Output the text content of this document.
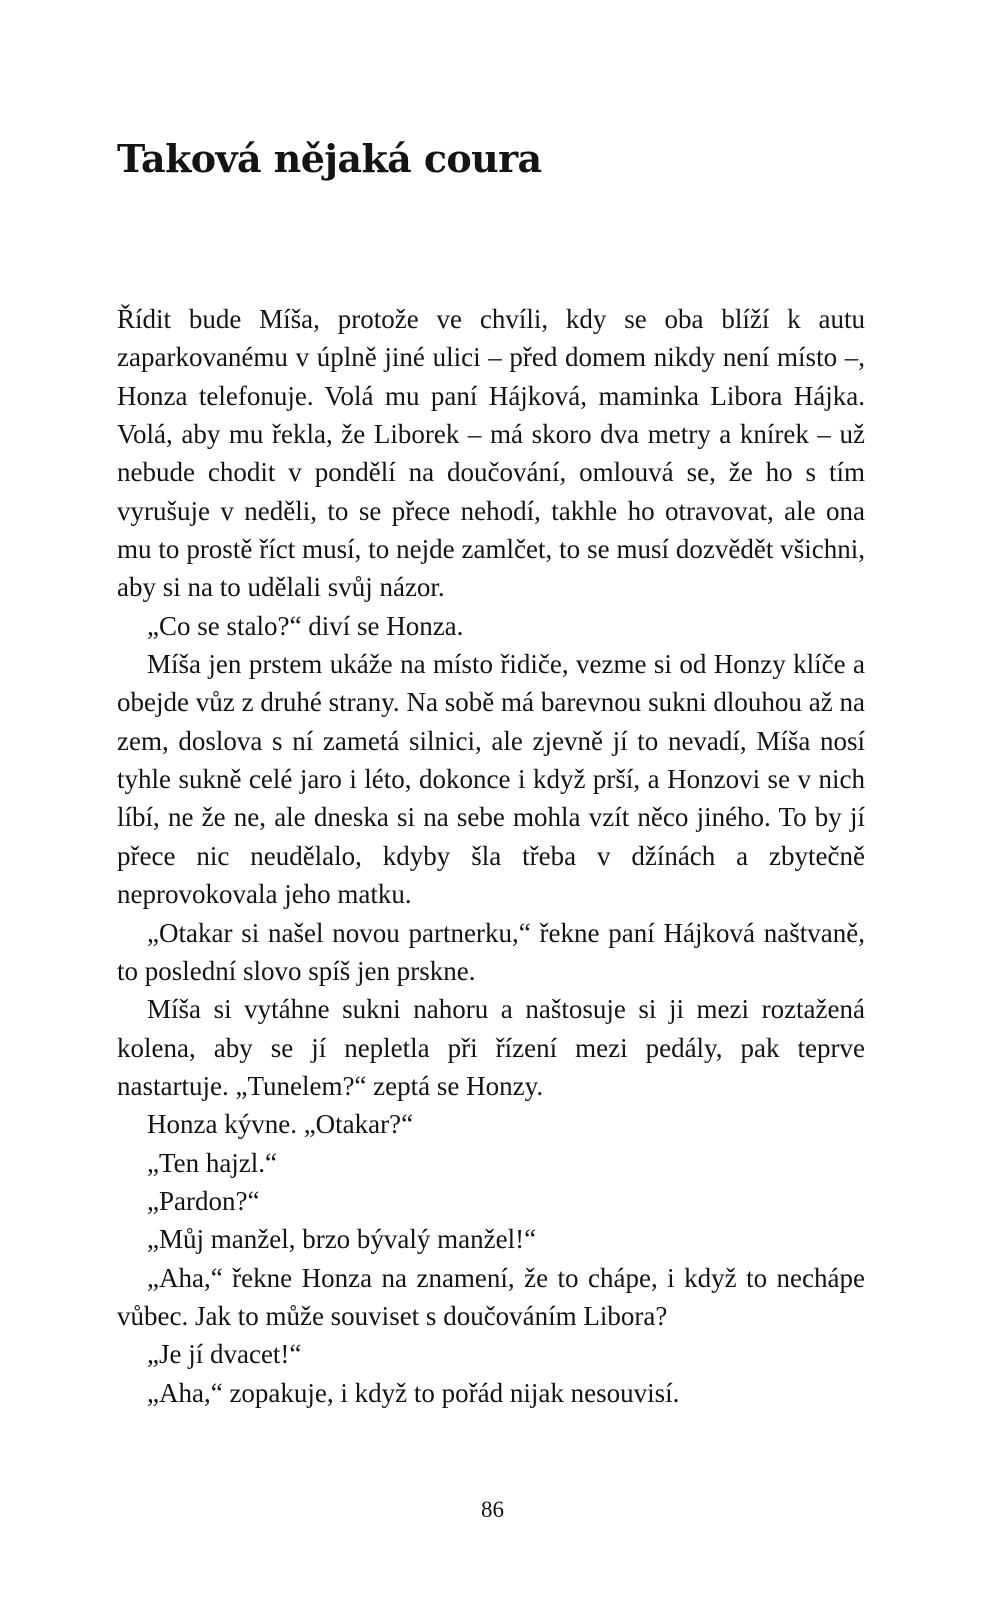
Taková nějaká coura

Řídit bude Míša, protože ve chvíli, kdy se oba blíží k autu zaparkovanému v úplně jiné ulici – před domem nikdy není místo –, Honza telefonuje. Volá mu paní Hájková, maminka Libora Hájka. Volá, aby mu řekla, že Liborek – má skoro dva metry a knírek – už nebude chodit v pondělí na doučování, omlouvá se, že ho s tím vyrušuje v neděli, to se přece nehodí, takhle ho otravovat, ale ona mu to prostě říct musí, to nejde zamlčet, to se musí dozvědět všichni, aby si na to udělali svůj názor.

„Co se stalo?“ diví se Honza.

Míša jen prstem ukáže na místo řidiče, vezme si od Honzy klíče a obejde vůz z druhé strany. Na sobě má barevnou sukni dlouhou až na zem, doslova s ní zametá silnici, ale zjevně jí to nevadí, Míša nosí tyhle sukně celé jaro i léto, dokonce i když prší, a Honzovi se v nich líbí, ne že ne, ale dneska si na sebe mohla vzít něco jiného. To by jí přece nic neudělalo, kdyby šla třeba v džínách a zbytečně neprovokovala jeho matku.

„Otakar si našel novou partnerku,“ řekne paní Hájková naštvaně, to poslední slovo spíš jen prskne.

Míša si vytáhne sukni nahoru a naštosuje si ji mezi roztažená kolena, aby se jí nepletla při řízení mezi pedály, pak teprve nastartuje. „Tunelem?“ zeptá se Honzy.

Honza kývne. „Otakar?“

„Ten hajzl.“

„Pardon?“

„Můj manžel, brzo bývalý manžel!“

„Aha,“ řekne Honza na znamení, že to chápe, i když to nechápe vůbec. Jak to může souviset s doučováním Libora?

„Je jí dvacet!“

„Aha,“ zopakuje, i když to pořád nijak nesouvisí.

86
